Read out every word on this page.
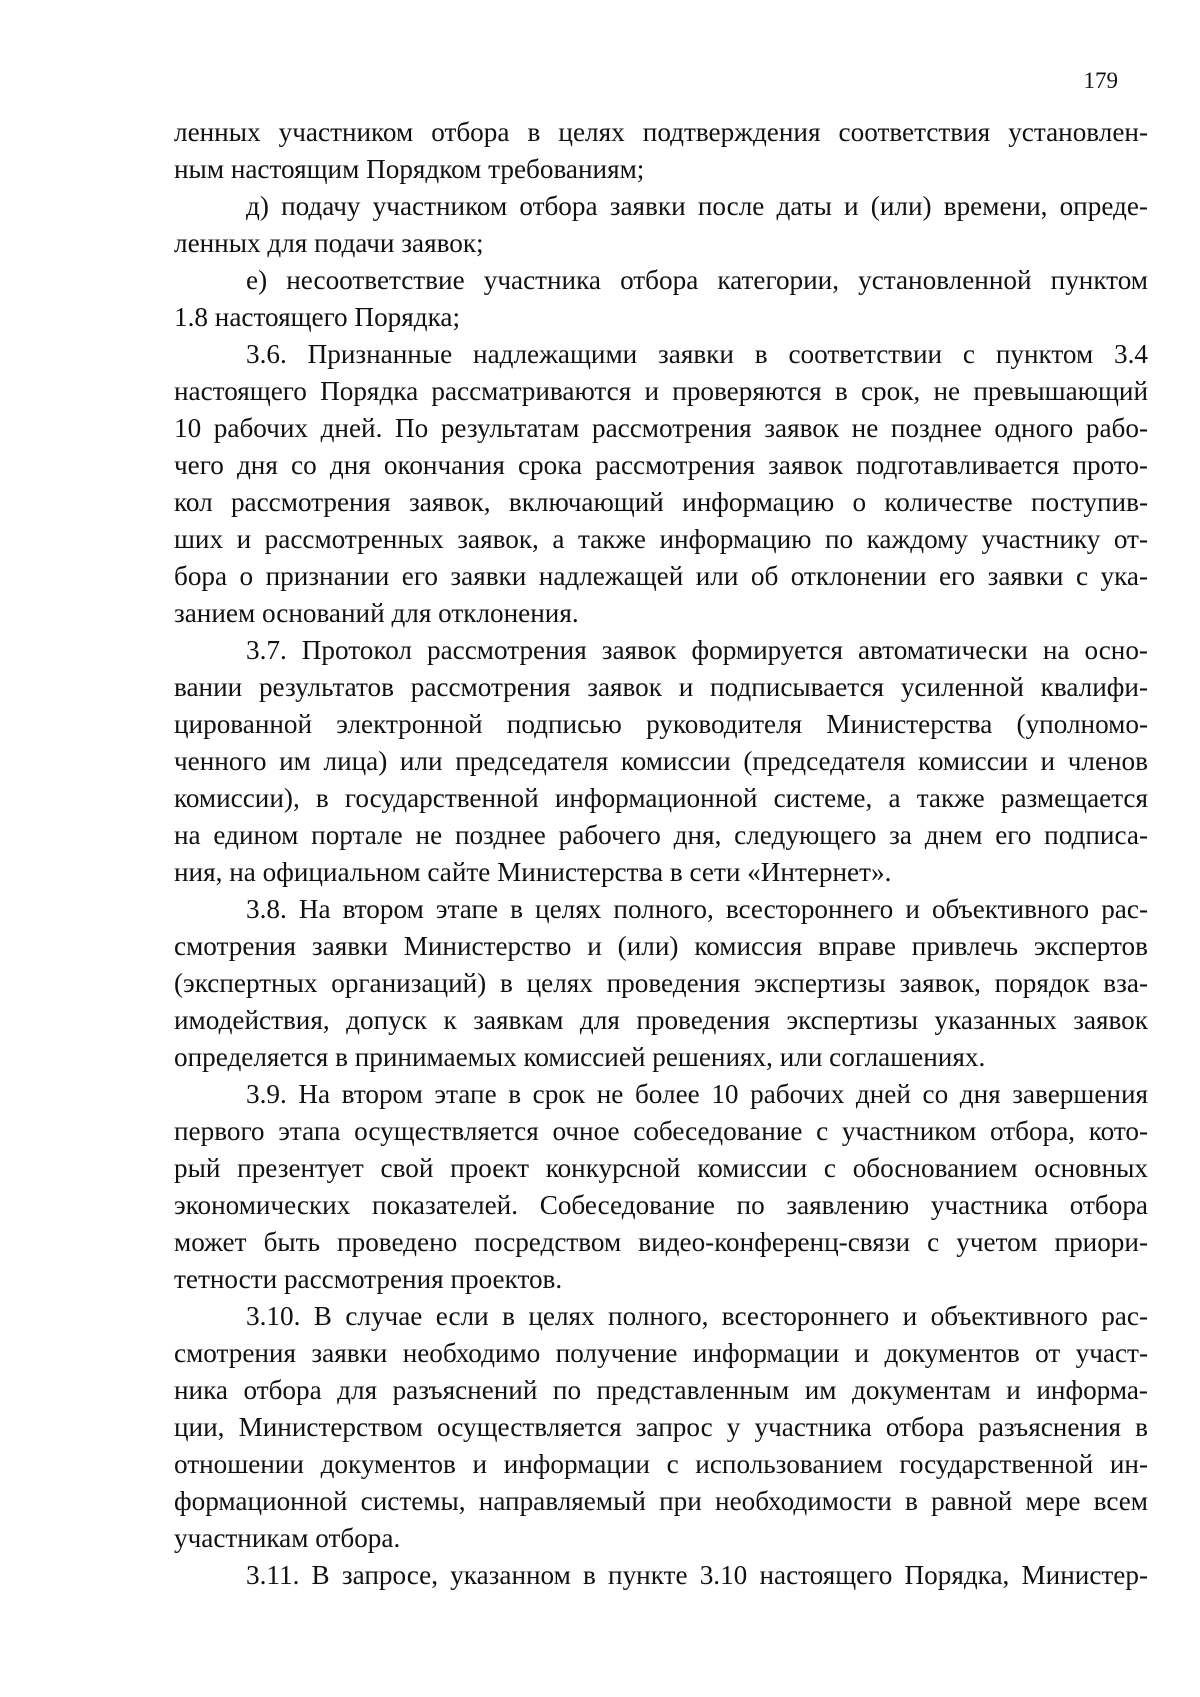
179
ленных участником отбора в целях подтверждения соответствия установлен-
ным настоящим Порядком требованиям;
д) подачу участником отбора заявки после даты и (или) времени, опреде-
ленных для подачи заявок;
е) несоответствие участника отбора категории, установленной пунктом
1.8 настоящего Порядка;
3.6. Признанные надлежащими заявки в соответствии с пунктом 3.4
настоящего Порядка рассматриваются и проверяются в срок, не превышающий
10 рабочих дней. По результатам рассмотрения заявок не позднее одного рабо-
чего дня со дня окончания срока рассмотрения заявок подготавливается прото-
кол рассмотрения заявок, включающий информацию о количестве поступив-
ших и рассмотренных заявок, а также информацию по каждому участнику от-
бора о признании его заявки надлежащей или об отклонении его заявки с ука-
занием оснований для отклонения.
3.7. Протокол рассмотрения заявок формируется автоматически на осно-
вании результатов рассмотрения заявок и подписывается усиленной квалифи-
цированной электронной подписью руководителя Министерства (уполномо-
ченного им лица) или председателя комиссии (председателя комиссии и членов
комиссии), в государственной информационной системе, а также размещается
на едином портале не позднее рабочего дня, следующего за днем его подписа-
ния, на официальном сайте Министерства в сети «Интернет».
3.8. На втором этапе в целях полного, всестороннего и объективного рас-
смотрения заявки Министерство и (или) комиссия вправе привлечь экспертов
(экспертных организаций) в целях проведения экспертизы заявок, порядок вза-
имодействия, допуск к заявкам для проведения экспертизы указанных заявок
определяется в принимаемых комиссией решениях, или соглашениях.
3.9. На втором этапе в срок не более 10 рабочих дней со дня завершения
первого этапа осуществляется очное собеседование с участником отбора, кото-
рый презентует свой проект конкурсной комиссии с обоснованием основных
экономических показателей. Собеседование по заявлению участника отбора
может быть проведено посредством видео-конференц-связи с учетом приори-
тетности рассмотрения проектов.
3.10. В случае если в целях полного, всестороннего и объективного рас-
смотрения заявки необходимо получение информации и документов от участ-
ника отбора для разъяснений по представленным им документам и информа-
ции, Министерством осуществляется запрос у участника отбора разъяснения в
отношении документов и информации с использованием государственной ин-
формационной системы, направляемый при необходимости в равной мере всем
участникам отбора.
3.11. В запросе, указанном в пункте 3.10 настоящего Порядка, Министер-
